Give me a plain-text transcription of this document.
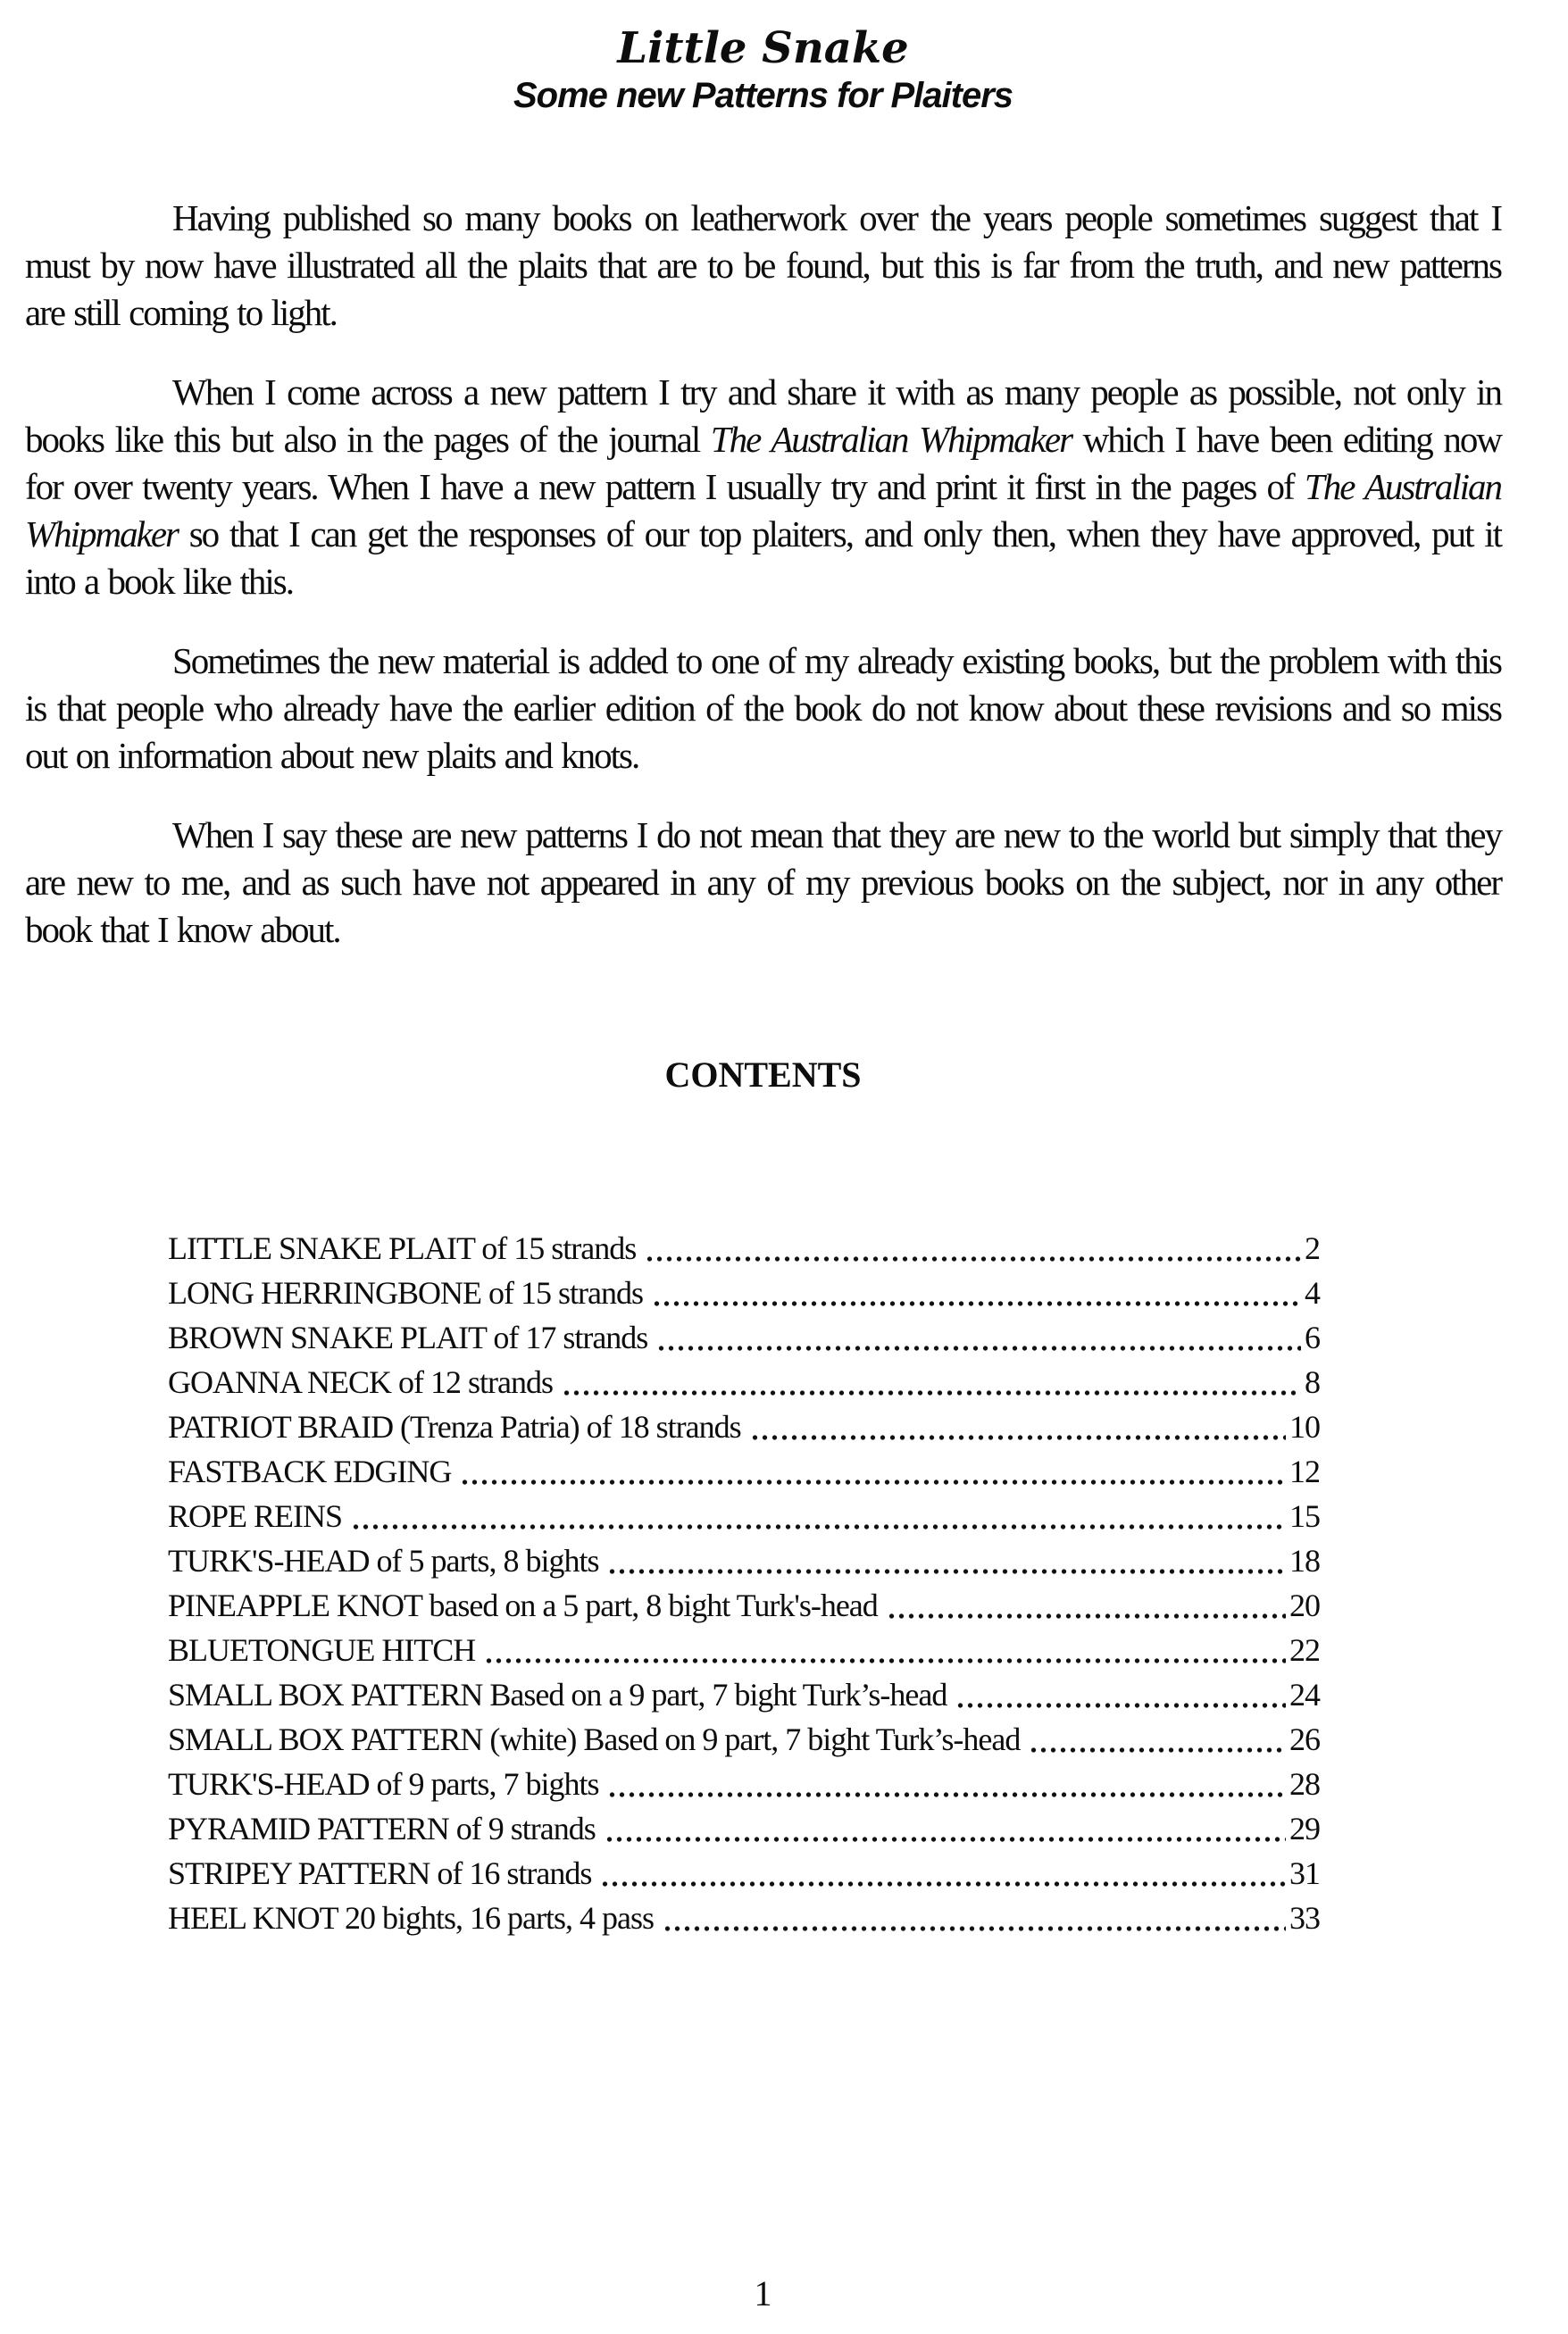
Little Snake
Some new Patterns for Plaiters

Having published so many books on leatherwork over the years people sometimes suggest that I must by now have illustrated all the plaits that are to be found, but this is far from the truth, and new patterns are still coming to light.

When I come across a new pattern I try and share it with as many people as possible, not only in books like this but also in the pages of the journal The Australian Whipmaker which I have been editing now for over twenty years. When I have a new pattern I usually try and print it first in the pages of The Australian Whipmaker so that I can get the responses of our top plaiters, and only then, when they have approved, put it into a book like this.

Sometimes the new material is added to one of my already existing books, but the problem with this is that people who already have the earlier edition of the book do not know about these revisions and so miss out on information about new plaits and knots.

When I say these are new patterns I do not mean that they are new to the world but simply that they are new to me, and as such have not appeared in any of my previous books on the subject, nor in any other book that I know about.

CONTENTS
LITTLE SNAKE PLAIT of 15 strands	2
LONG HERRINGBONE of 15 strands	4
BROWN SNAKE PLAIT of 17 strands	6
GOANNA NECK of 12 strands	8
PATRIOT BRAID (Trenza Patria) of 18 strands	10
FASTBACK EDGING	12
ROPE REINS	15
TURK'S-HEAD of 5 parts, 8 bights	18
PINEAPPLE KNOT based on a 5 part, 8 bight Turk's-head	20
BLUETONGUE HITCH	22
SMALL BOX PATTERN Based on a 9 part, 7 bight Turk’s-head	24
SMALL BOX PATTERN (white) Based on 9 part, 7 bight Turk’s-head	26
TURK'S-HEAD of 9 parts, 7 bights	28
PYRAMID PATTERN of 9 strands	29
STRIPEY PATTERN of 16 strands	31
HEEL KNOT 20 bights, 16 parts, 4 pass	33
1
